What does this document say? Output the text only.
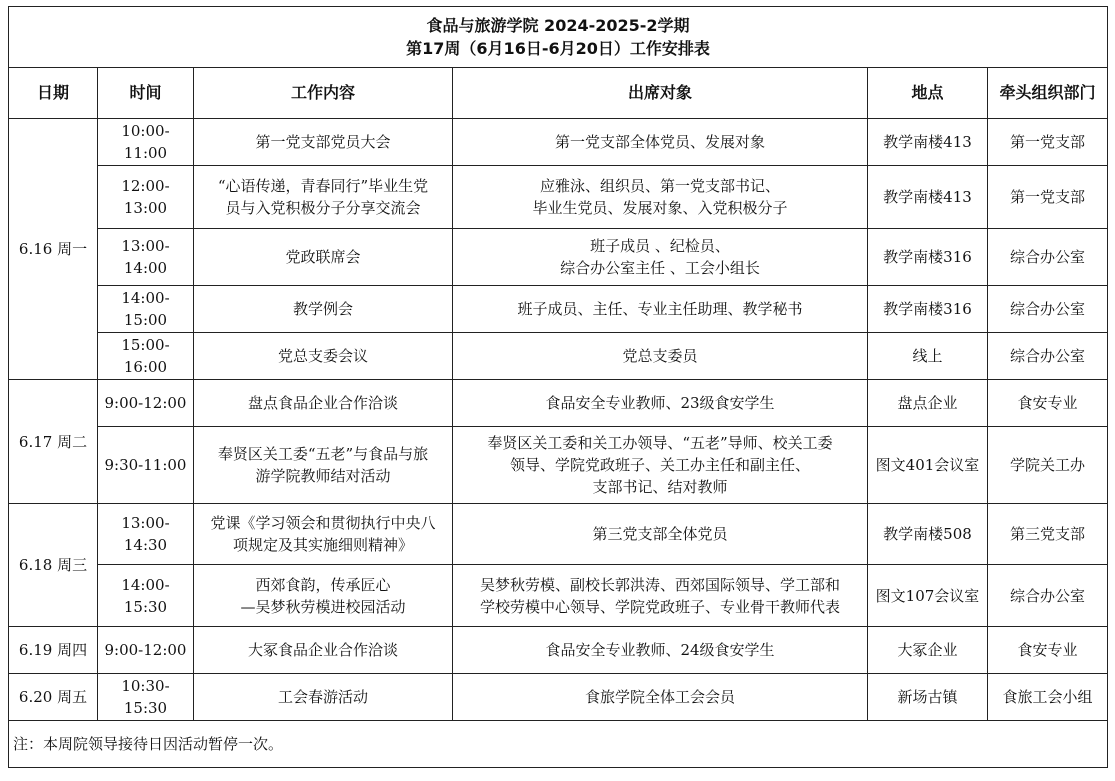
食品与旅游学院 2024-2025-2学期
第17周（6月16日-6月20日）工作安排表					

日期	时间	工作内容	出席对象	地点	牵头组织部门
6.16 周一	10:00-11:00	第一党支部党员大会	第一党支部全体党员、发展对象	教学南楼413	第一党支部
	12:00-13:00	“心语传递，青春同行”毕业生党
员与入党积极分子分享交流会	应雅泳、组织员、第一党支部书记、
毕业生党员、发展对象、入党积极分子	教学南楼413	第一党支部
	13:00-14:00	党政联席会	班子成员 、纪检员、
综合办公室主任 、工会小组长	教学南楼316	综合办公室
	14:00-15:00	教学例会	班子成员、主任、专业主任助理、教学秘书	教学南楼316	综合办公室
	15:00-16:00	党总支委会议	党总支委员	线上	综合办公室
6.17 周二	9:00-12:00	盘点食品企业合作洽谈	食品安全专业教师、23级食安学生	盘点企业	食安专业
	9:30-11:00	奉贤区关工委“五老”与食品与旅
游学院教师结对活动	奉贤区关工委和关工办领导、“五老”导师、校关工委
领导、学院党政班子、关工办主任和副主任、
支部书记、结对教师	图文401会议室	学院关工办
6.18 周三	13:00-14:30	党课《学习领会和贯彻执行中央八
项规定及其实施细则精神》	第三党支部全体党员	教学南楼508	第三党支部
	14:00-15:30	西郊食韵，传承匠心
—吴梦秋劳模进校园活动	吴梦秋劳模、副校长郭洪涛、西郊国际领导、学工部和
学校劳模中心领导、学院党政班子、专业骨干教师代表	图文107会议室	综合办公室
6.19 周四	9:00-12:00	大冢食品企业合作洽谈	食品安全专业教师、24级食安学生	大冢企业	食安专业
6.20 周五	10:30-15:30	工会春游活动	食旅学院全体工会会员	新场古镇	食旅工会小组
注：本周院领导接待日因活动暂停一次。					
